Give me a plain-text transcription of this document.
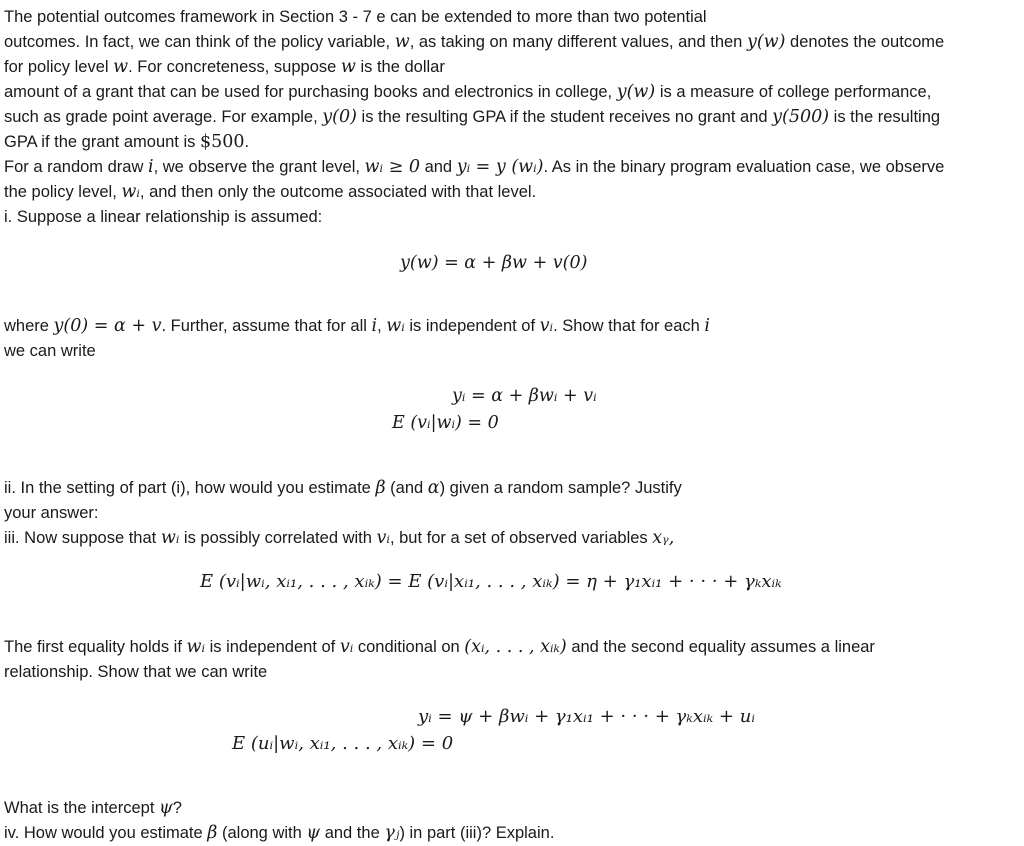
The potential outcomes framework in Section 3 - 7 e can be extended to more than two potential
outcomes. In fact, we can think of the policy variable, w, as taking on many different values, and then y(w) denotes the outcome
for policy level w. For concreteness, suppose w is the dollar
amount of a grant that can be used for purchasing books and electronics in college, y(w) is a measure of college performance,
such as grade point average. For example, y(0) is the resulting GPA if the student receives no grant and y(500) is the resulting
GPA if the grant amount is $500.
For a random draw i, we observe the grant level, wᵢ ≥ 0 and yᵢ = y (wᵢ). As in the binary program evaluation case, we observe
the policy level, wᵢ, and then only the outcome associated with that level.
i. Suppose a linear relationship is assumed:
y(w) = α + βw + v(0)
where y(0) = α + v. Further, assume that for all i, wᵢ is independent of vᵢ. Show that for each i
we can write
yᵢ = α + βwᵢ + vᵢ
E (vᵢ|wᵢ) = 0
ii. In the setting of part (i), how would you estimate β (and α) given a random sample? Justify
your answer:
iii. Now suppose that wᵢ is possibly correlated with vᵢ, but for a set of observed variables xᵧ,
E (vᵢ|wᵢ, xᵢ₁, . . . , xᵢₖ) = E (vᵢ|xᵢ₁, . . . , xᵢₖ) = η + γ₁xᵢ₁ + · · · + γₖxᵢₖ
The first equality holds if wᵢ is independent of vᵢ conditional on (xᵢ, . . . , xᵢₖ) and the second equality assumes a linear
relationship. Show that we can write
yᵢ = ψ + βwᵢ + γ₁xᵢ₁ + · · · + γₖxᵢₖ + uᵢ
E (uᵢ|wᵢ, xᵢ₁, . . . , xᵢₖ) = 0
What is the intercept ψ?
iv. How would you estimate β (along with ψ and the γⱼ) in part (iii)? Explain.
